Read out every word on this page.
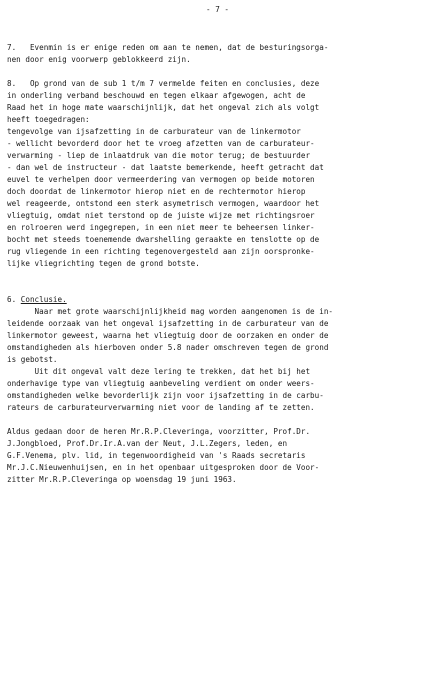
- 7 -
7.   Evenmin is er enige reden om aan te nemen, dat de besturingsorga-
nen door enig voorwerp geblokkeerd zijn.
8.   Op grond van de sub 1 t/m 7 vermelde feiten en conclusies, deze
in onderling verband beschouwd en tegen elkaar afgewogen, acht de
Raad het in hoge mate waarschijnlijk, dat het ongeval zich als volgt
heeft toegedragen:
tengevolge van ijsafzetting in de carburateur van de linkermotor
- wellicht bevorderd door het te vroeg afzetten van de carburateur-
verwarming - liep de inlaatdruk van die motor terug; de bestuurder
- dan wel de instructeur - dat laatste bemerkende, heeft getracht dat
euvel te verhelpen door vermeerdering van vermogen op beide motoren
doch doordat de linkermotor hierop niet en de rechtermotor hierop
wel reageerde, ontstond een sterk asymetrisch vermogen, waardoor het
vliegtuig, omdat niet terstond op de juiste wijze met richtingsroer
en rolroeren werd ingegrepen, in een niet meer te beheersen linker-
bocht met steeds toenemende dwarshelling geraakte en tenslotte op de
rug vliegende in een richting tegenovergesteld aan zijn oorspronke-
lijke vliegrichting tegen de grond botste.
6. Conclusie.
Naar met grote waarschijnlijkheid mag worden aangenomen is de in-
leidende oorzaak van het ongeval ijsafzetting in de carburateur van de
linkermotor geweest, waarna het vliegtuig door de oorzaken en onder de
omstandigheden als hierboven onder 5.8 nader omschreven tegen de grond
is gebotst.
Uit dit ongeval valt deze lering te trekken, dat het bij het
onderhavige type van vliegtuig aanbeveling verdient om onder weers-
omstandigheden welke bevorderlijk zijn voor ijsafzetting in de carbu-
rateurs de carburateurverwarming niet voor de landing af te zetten.
Aldus gedaan door de heren Mr.R.P.Cleveringa, voorzitter, Prof.Dr.
J.Jongbloed, Prof.Dr.Ir.A.van der Neut, J.L.Zegers, leden, en
G.F.Venema, plv. lid, in tegenwoordigheid van 's Raads secretaris
Mr.J.C.Nieuwenhuijsen, en in het openbaar uitgesproken door de Voor-
zitter Mr.R.P.Cleveringa op woensdag 19 juni 1963.
